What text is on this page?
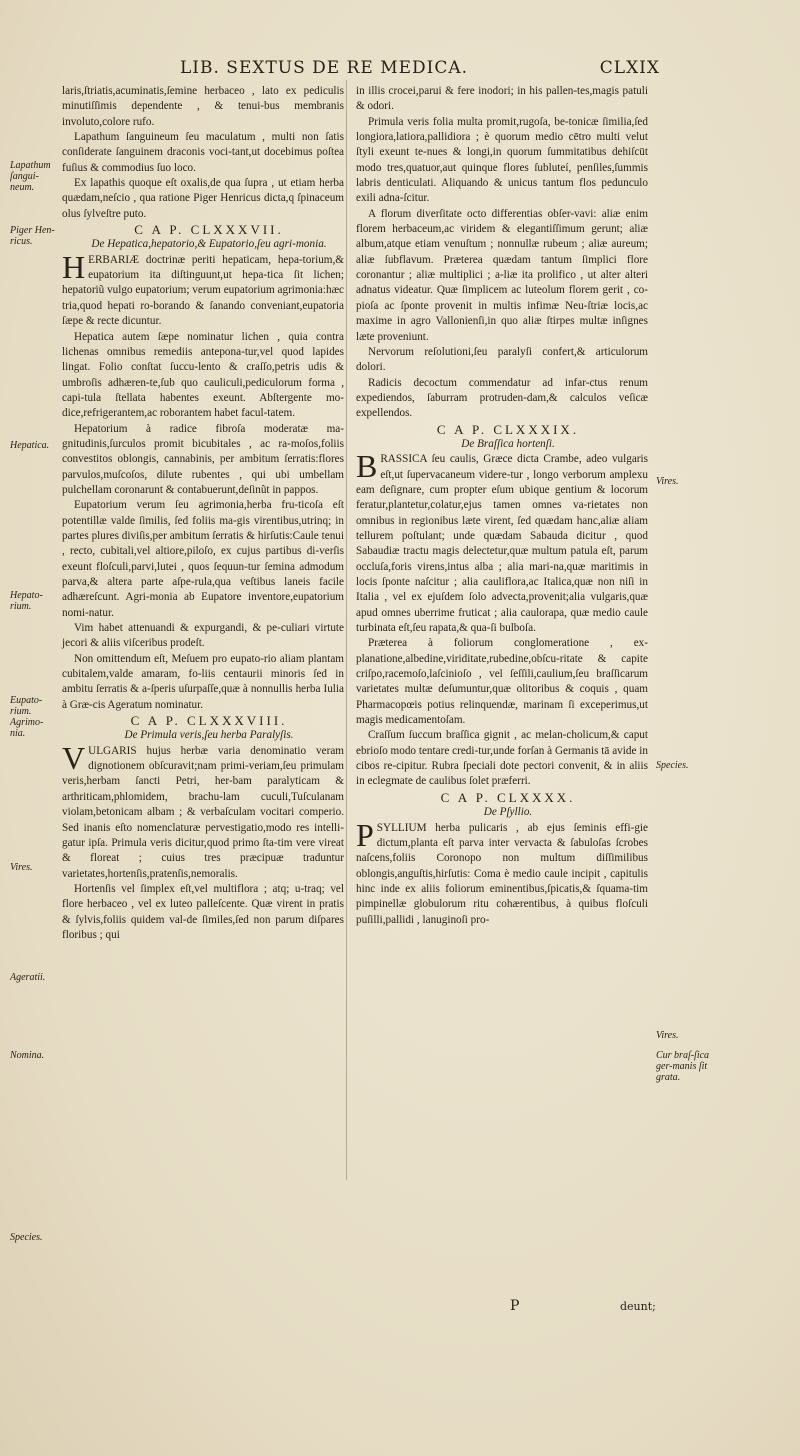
LIB. SEXTUS DE RE MEDICA.	CLXIX

laris,ſtriatis,acuminatis,ſemine herbaceo , lato ex pediculis minutiſſimis dependente , & tenui-bus membranis involuto,colore rufo.

Lapathum ſanguineum ſeu maculatum , multi non ſatis conſiderate ſanguinem draconis voci-tant,ut docebimus poſtea fuſius & commodius ſuo loco.

Ex lapathis quoque eſt oxalis,de qua ſupra , ut etiam herba quædam,neſcio , qua ratione Piger Henricus dicta,q ſpinaceum olus ſylveſtre puto.

C A P. CLXXXVII.

De Hepatica,hepatorio,& Eupatorio,ſeu agri-monia.

HERBARIÆ doctrinæ periti hepaticam, hepa-torium,& eupatorium ita diſtinguunt,ut hepa-tica ſit lichen; hepatoriũ vulgo eupatorium; verum eupatorium agrimonia:hæc tria,quod hepati ro-borando & ſanando conveniant,eupatoria ſæpe & recte dicuntur.

Hepatica autem ſæpe nominatur lichen , quia contra lichenas omnibus remediis antepona-tur,vel quod lapides lingat. Folio conſtat ſuccu-lento & craſſo,petris udis & umbroſis adhæren-te,ſub quo cauliculi,pediculorum forma , capi-tula ſtellata habentes exeunt. Abſtergente mo-dice,refrigerantem,ac roborantem habet facul-tatem.

Hepatorium à radice fibroſa moderatæ ma-gnitudinis,ſurculos promit bicubitales , ac ra-moſos,foliis convestitos oblongis, cannabinis, per ambitum ſerratis:flores parvulos,muſcoſos, dilute rubentes , qui ubi umbellam pulchellam coronarunt & contabuerunt,deſinũt in pappos.

Eupatorium verum ſeu agrimonia,herba fru-ticoſa eſt potentillæ valde ſimilis, ſed foliis ma-gis virentibus,utrinq; in partes plures diviſis,per ambitum ſerratis & hirſutis:Caule tenui , recto, cubitali,vel altiore,piloſo, ex cujus partibus di-verſis exeunt floſculi,parvi,lutei , quos ſequun-tur ſemina admodum parva,& altera parte aſpe-rula,qua veſtibus laneis facile adhæreſcunt. Agri-monia ab Eupatore inventore,eupatorium nomi-natur.

Vim habet attenuandi & expurgandi, & pe-culiari virtute jecori & aliis viſceribus prodeſt.

Non omittendum eſt, Meſuem pro eupato-rio aliam plantam cubitalem,valde amaram, fo-liis centaurii minoris ſed in ambitu ſerratis & a-ſperis uſurpaſſe,quæ à nonnullis herba Iulia à Græ-cis Ageratum nominatur.

C A P. CLXXXVIII.

De Primula veris,ſeu herba Paralyſis.

VULGARIS hujus herbæ varia denominatio veram dignotionem obſcuravit;nam primi-veriam,ſeu primulam veris,herbam ſancti Petri, her-bam paralyticam & arthriticam,phlomidem, brachu-lam cuculi,Tuſculanam violam,betonicam albam ; & verbaſculam vocitari comperio. Sed inanis eſto nomenclaturæ pervestigatio,modo res intelli-gatur ipſa. Primula veris dicitur,quod primo ſta-tim vere vireat & floreat ; cuius tres præcipuæ traduntur varietates,hortenſis,pratenſis,nemoralis.

Hortenſis vel ſimplex eſt,vel multiflora ; atq; u-traq; vel flore herbaceo , vel ex luteo palleſcente. Quæ virent in pratis & ſylvis,foliis quidem val-de ſimiles,ſed non parum diſpares floribus ; qui

in illis crocei,parui & fere inodori; in his pallen-tes,magis patuli & odori.

Primula veris folia multa promit,rugoſa, be-tonicæ ſimilia,ſed longiora,latiora,pallidiora ; è quorum medio cētro multi velut ſtyli exeunt te-nues & longi,in quorum ſummitatibus dehiſcūt modo tres,quatuor,aut quinque flores ſubluteí, penſiles,ſummis labris denticulati. Aliquando & unicus tantum flos pedunculo exili adna-ſcitur.

A florum diverſitate octo differentias obſer-vavi: aliæ enim florem herbaceum,ac viridem & elegantiſſimum gerunt; aliæ album,atque etiam venuſtum ; nonnullæ rubeum ; aliæ aureum; aliæ ſubflavum. Præterea quædam tantum ſimplici flore coronantur ; aliæ multiplici ; a-liæ ita prolifico , ut alter alteri adnatus videatur. Quæ ſimplicem ac luteolum florem gerit , co-pioſa ac ſponte provenit in multis infimæ Neu-ſtriæ locis,ac maxime in agro Vallonienſi,in quo aliæ ſtirpes multæ inſignes læte proveniunt.

Nervorum reſolutioni,ſeu paralyſi confert,& articulorum dolori.

Radicis decoctum commendatur ad infar-ctus renum expediendos, ſaburram protruden-dam,& calculos veſicæ expellendos.

C A P. CLXXXIX.

De Braſſica hortenſi.

BRASSICA ſeu caulis, Græce dicta Crambe, adeo vulgaris eſt,ut ſupervacaneum videre-tur , longo verborum amplexu eam deſignare, cum propter eſum ubique gentium & locorum feratur,plantetur,colatur,ejus tamen omnes va-rietates non omnibus in regionibus læte virent, ſed quædam hanc,aliæ aliam tellurem poſtulant; unde quædam Sabauda dicitur , quod Sabaudiæ tractu magis delectetur,quæ multum patula eſt, parum occluſa,foris virens,intus alba ; alia mari-na,quæ maritimis in locis ſponte naſcitur ; alia cauliflora,ac Italica,quæ non niſi in Italia , vel ex ejuſdem ſolo advecta,provenit;alia vulgaris,quæ apud omnes uberrime fruticat ; alia caulorapa, quæ medio caule turbinata eſt,ſeu rapata,& qua-ſi bulboſa.

Præterea à foliorum conglomeratione , ex-planatione,albedine,viriditate,rubedine,obſcu-ritate & capite criſpo,racemoſo,laſcinioſo , vel ſeſſili,caulium,ſeu braſſicarum varietates multæ deſumuntur,quæ olitoribus & coquis , quam Pharmacopœis potius relinquendæ, marinam ſi exceperimus,ut magis medicamentoſam.

Craſſum ſuccum braſſica gignit , ac melan-cholicum,& caput ebrioſo modo tentare credi-tur,unde forſan à Germanis tā avide in cibos re-cipitur. Rubra ſpeciali dote pectori convenit, & in aliis in eclegmate de caulibus ſolet præferri.

C A P. CLXXXX.

De Pſyllio.

PSYLLIUM herba pulicaris , ab ejus ſeminis effi-gie dictum,planta eſt parva inter vervacta & ſabuloſas ſcrobes naſcens,foliis Coronopo non multum diſſimilibus oblongis,anguſtis,hirſutis: Coma è medio caule incipit , capitulis hinc inde ex aliis foliorum eminentibus,ſpicatis,& ſquama-tim pimpinellæ globulorum ritu cohærentibus, à quibus floſculi puſilli,pallidi , lanuginoſi pro-

P	deunt;
Lapathum ſangui-neum.
Piger Hen-ricus.
Hepatica.
Hepato-rium.
Eupato-rium. Agrimo-nia.
Vires.
Ageratii.
Nomina.
Species.
Vires.
Species.
Vires.
Cur braſ-ſica ger-manis ſit grata.
